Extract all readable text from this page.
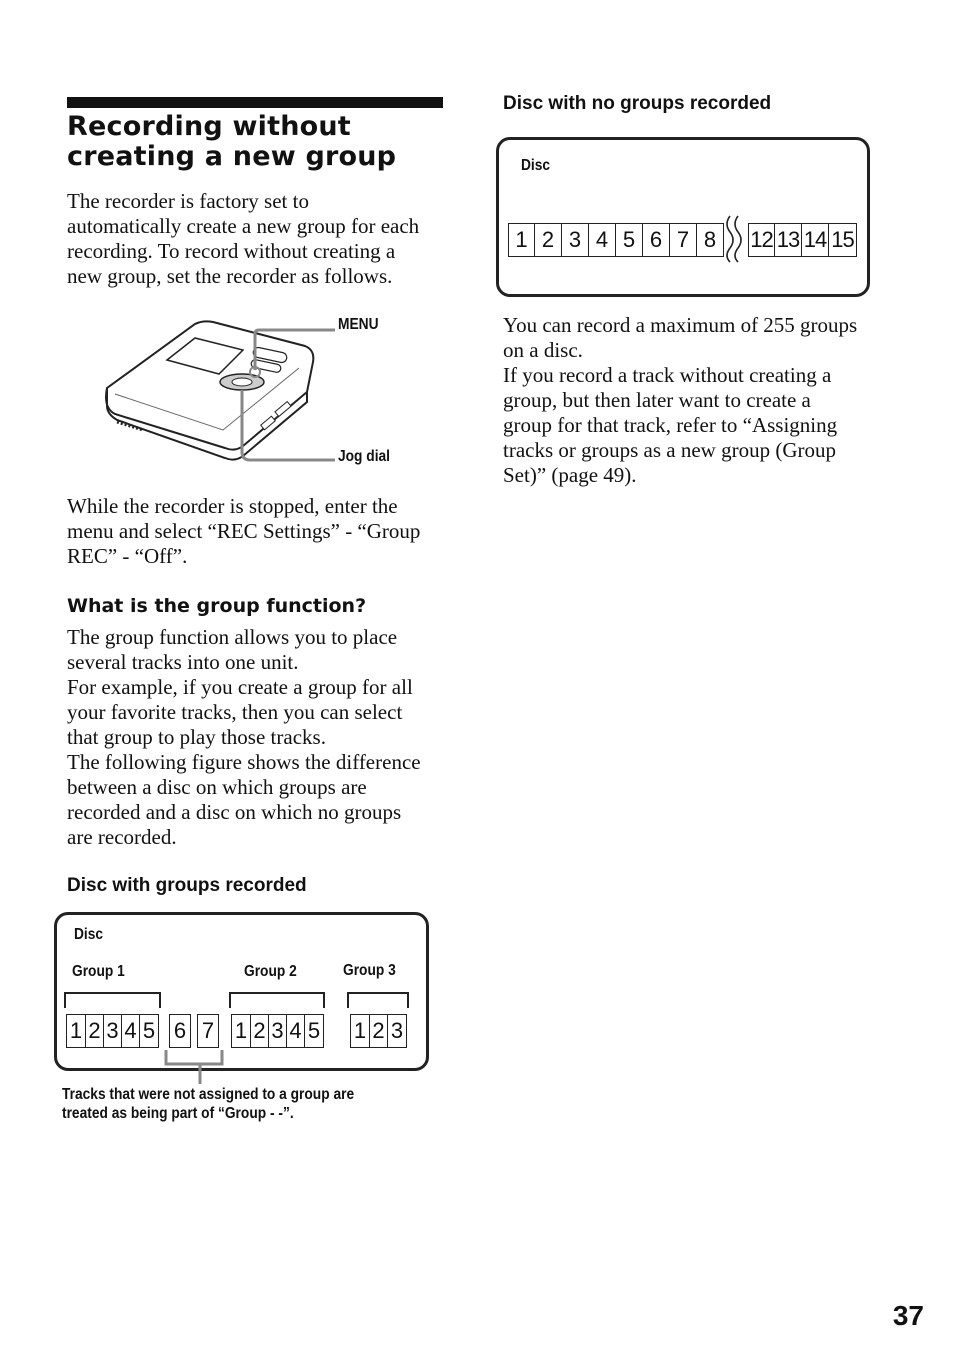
Recording without
creating a new group
The recorder is factory set to
automatically create a new group for each
recording. To record without creating a
new group, set the recorder as follows.
MENU
Jog dial
While the recorder is stopped, enter the
menu and select “REC Settings” - “Group
REC” - “Off”.
What is the group function?
The group function allows you to place
several tracks into one unit.
For example, if you create a group for all
your favorite tracks, then you can select
that group to play those tracks.
The following figure shows the difference
between a disc on which groups are
recorded and a disc on which no groups
are recorded.
Disc with groups recorded
Disc
Group 1	Group 2	Group 3
1 2 3 4 5 6 7 1 2 3 4 5 1 2 3
Tracks that were not assigned to a group are
treated as being part of “Group - -”.
Disc with no groups recorded
Disc
1 2 3 4 5 6 7 8	12 13 14 15
You can record a maximum of 255 groups
on a disc.
If you record a track without creating a
group, but then later want to create a
group for that track, refer to “Assigning
tracks or groups as a new group (Group
Set)” (page 49).
37
